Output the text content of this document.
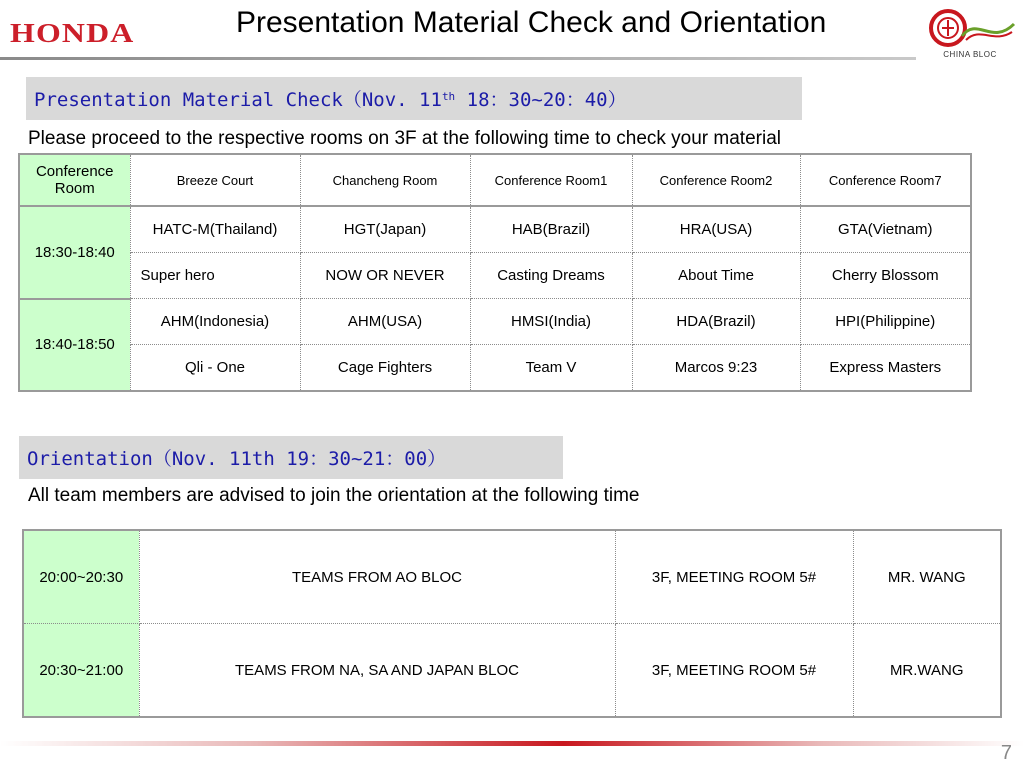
HONDA	Presentation Material Check and Orientation
CHINA BLOC
Presentation Material Check（Nov. 11th 18：30~20：40）
Please proceed to the respective rooms on 3F at the following time to check your material
Conference Room	Breeze Court	Chancheng Room	Conference Room1	Conference Room2	Conference Room7
18:30-18:40	HATC-M(Thailand)	HGT(Japan)	HAB(Brazil)	HRA(USA)	GTA(Vietnam)
	Super hero	NOW OR NEVER	Casting Dreams	About Time	Cherry Blossom
18:40-18:50	AHM(Indonesia)	AHM(USA)	HMSI(India)	HDA(Brazil)	HPI(Philippine)
	Qli - One	Cage Fighters	Team V	Marcos 9:23	Express Masters
Orientation（Nov. 11th 19：30~21：00）
All team members are advised to join the orientation at the following time
20:00~20:30	TEAMS FROM AO BLOC	3F, MEETING ROOM 5#	MR. WANG
20:30~21:00	TEAMS FROM NA, SA AND JAPAN BLOC	3F, MEETING ROOM 5#	MR.WANG
7
